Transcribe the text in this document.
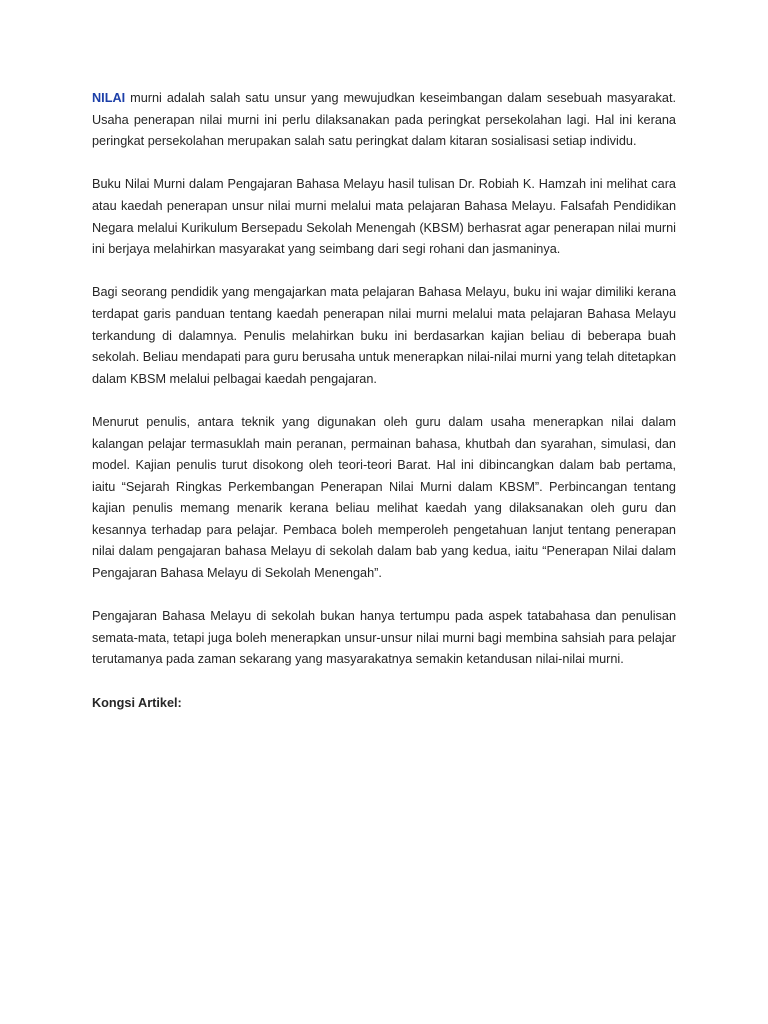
NILAI murni adalah salah satu unsur yang mewujudkan keseimbangan dalam sesebuah masyarakat. Usaha penerapan nilai murni ini perlu dilaksanakan pada peringkat persekolahan lagi. Hal ini kerana peringkat persekolahan merupakan salah satu peringkat dalam kitaran sosialisasi setiap individu.

Buku Nilai Murni dalam Pengajaran Bahasa Melayu hasil tulisan Dr. Robiah K. Hamzah ini melihat cara atau kaedah penerapan unsur nilai murni melalui mata pelajaran Bahasa Melayu. Falsafah Pendidikan Negara melalui Kurikulum Bersepadu Sekolah Menengah (KBSM) berhasrat agar penerapan nilai murni ini berjaya melahirkan masyarakat yang seimbang dari segi rohani dan jasmaninya.

Bagi seorang pendidik yang mengajarkan mata pelajaran Bahasa Melayu, buku ini wajar dimiliki kerana terdapat garis panduan tentang kaedah penerapan nilai murni melalui mata pelajaran Bahasa Melayu terkandung di dalamnya. Penulis melahirkan buku ini berdasarkan kajian beliau di beberapa buah sekolah. Beliau mendapati para guru berusaha untuk menerapkan nilai-nilai murni yang telah ditetapkan dalam KBSM melalui pelbagai kaedah pengajaran.

Menurut penulis, antara teknik yang digunakan oleh guru dalam usaha menerapkan nilai dalam kalangan pelajar termasuklah main peranan, permainan bahasa, khutbah dan syarahan, simulasi, dan model. Kajian penulis turut disokong oleh teori-teori Barat. Hal ini dibincangkan dalam bab pertama, iaitu “Sejarah Ringkas Perkembangan Penerapan Nilai Murni dalam KBSM”. Perbincangan tentang kajian penulis memang menarik kerana beliau melihat kaedah yang dilaksanakan oleh guru dan kesannya terhadap para pelajar. Pembaca boleh memperoleh pengetahuan lanjut tentang penerapan nilai dalam pengajaran bahasa Melayu di sekolah dalam bab yang kedua, iaitu “Penerapan Nilai dalam Pengajaran Bahasa Melayu di Sekolah Menengah”.

Pengajaran Bahasa Melayu di sekolah bukan hanya tertumpu pada aspek tatabahasa dan penulisan semata-mata, tetapi juga boleh menerapkan unsur-unsur nilai murni bagi membina sahsiah para pelajar terutamanya pada zaman sekarang yang masyarakatnya semakin ketandusan nilai-nilai murni.

Kongsi Artikel:
